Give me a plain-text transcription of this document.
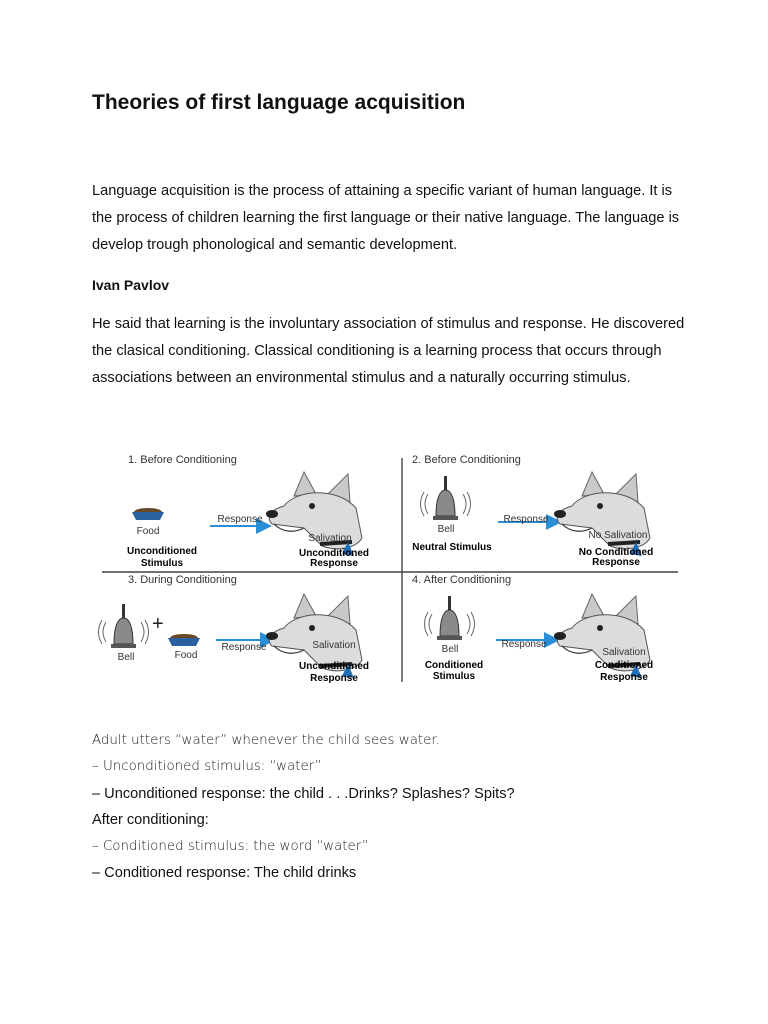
Theories of first language acquisition

Language acquisition is the process of attaining a specific variant of human language. It is the process of children learning the first language or their native language. The language is develop trough phonological and semantic development.

Ivan Pavlov

He said that learning is the involuntary association of stimulus and response. He discovered the clasical conditioning. Classical conditioning is a learning process that occurs through associations between an environmental stimulus and a naturally occurring stimulus.

1. Before Conditioning
Food
Response
Salivation
Unconditioned
Stimulus
Unconditioned
Response
2. Before Conditioning
Bell
Response
No Salivation
Neutral Stimulus	No Conditioned
Response
3. During Conditioning
+
Bell	Food
Response	Salivation
Unconditioned
Response
4. After Conditioning
Bell	Response
Salivation
Conditioned
Stimulus
Conditioned
Response
Adult utters “water” whenever the child sees water.
– Unconditioned stimulus: “water”
– Unconditioned response: the child . . .Drinks? Splashes? Spits?
After conditioning:
– Conditioned stimulus: the word “water”
– Conditioned response: The child drinks
